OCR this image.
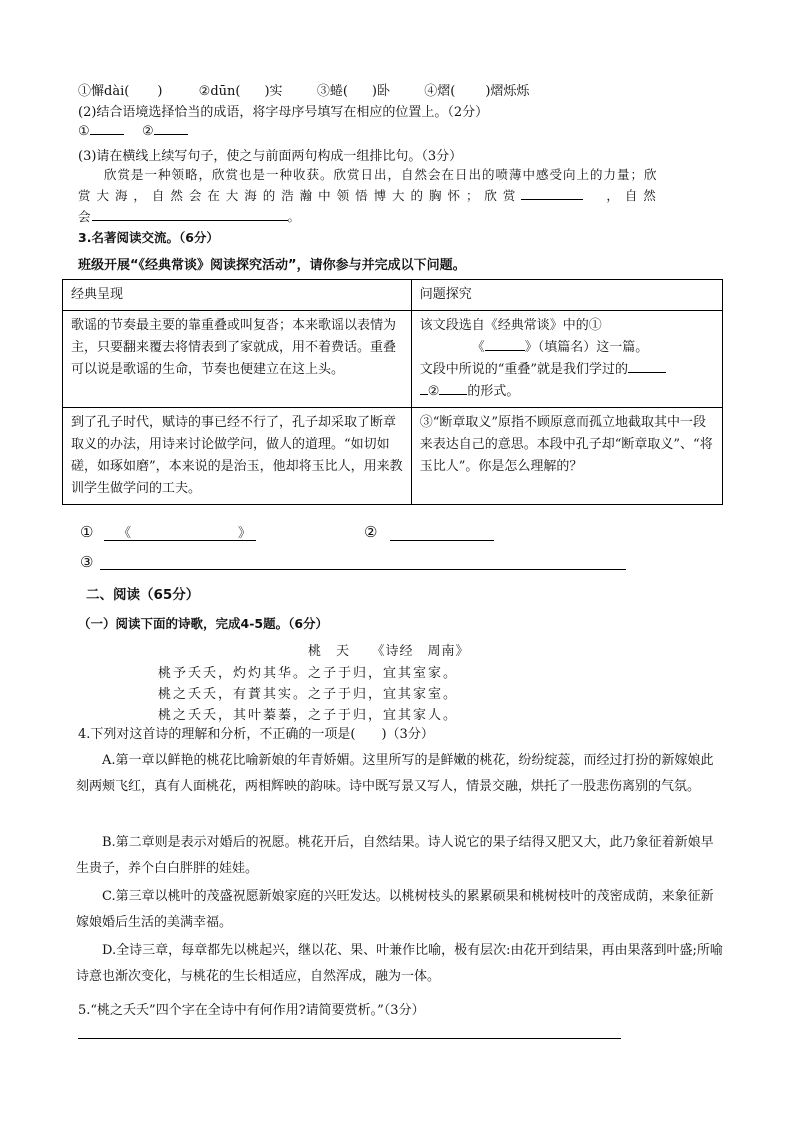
①懈dài( )	②dūn( )实	③蜷( )卧	④熠( )熠烁烁
(2)结合语境选择恰当的成语，将字母序号填写在相应的位置上。（2分）
①	②
(3)请在横线上续写句子，使之与前面两句构成一组排比句。（3分）
欣赏是一种领略，欣赏也是一种收获。欣赏日出，自然会在日出的喷薄中感受向上的力量；欣
赏 大 海 ， 自 然 会 在 大 海 的 浩 瀚 中 领 悟 博 大 的 胸 怀 ； 欣 赏	， 自 然
会	。
3.名著阅读交流。（6分）
班级开展“《经典常谈》阅读探究活动”，请你参与并完成以下问题。
经典呈现	问题探究
歌谣的节奏最主要的靠重叠或叫复沓；本来歌谣以表情为主，只要翻来覆去将情表到了家就成，用不着费话。重叠可以说是歌谣的生命，节奏也便建立在这上头。	该文段选自《经典常谈》中的①
《 》（填篇名）这一篇。
文段中所说的“重叠”就是我们学过的
② 的形式。
到了孔子时代，赋诗的事已经不行了，孔子却采取了断章取义的办法，用诗来讨论做学问，做人的道理。“如切如磋，如琢如磨”，本来说的是治玉，他却将玉比人，用来教训学生做学问的工夫。	③“断章取义”原指不顾原意而孤立地截取其中一段来表达自己的意思。本段中孔子却“断章取义”、“将玉比人”。你是怎么理解的？
① 《	》	②
③
二、阅读（65分）
（一）阅读下面的诗歌，完成4-5题。（6分）
桃　天　　《诗经　周南》
桃予夭夭，灼灼其华。之子于归，宜其室家。
桃之夭夭，有蕡其实。之子于归，宜其家室。
桃之夭夭，其叶蓁蓁，之子于归，宜其家人。
4.下列对这首诗的理解和分析，不正确的一项是(　　)（3分）
A.第一章以鲜艳的桃花比喻新娘的年青娇媚。这里所写的是鲜嫩的桃花，纷纷绽蕊，而经过打扮的新嫁娘此刻两颊飞红，真有人面桃花，两相辉映的韵味。诗中既写景又写人，情景交融，烘托了一股悲伤离别的气氛。
B.第二章则是表示对婚后的祝愿。桃花开后，自然结果。诗人说它的果子结得又肥又大，此乃象征着新娘早生贵子，养个白白胖胖的娃娃。
C.第三章以桃叶的茂盛祝愿新娘家庭的兴旺发达。以桃树枝头的累累硕果和桃树枝叶的茂密成荫，来象征新嫁娘婚后生活的美满幸福。
D.全诗三章，每章都先以桃起兴，继以花、果、叶兼作比喻，极有层次:由花开到结果，再由果落到叶盛;所喻诗意也渐次变化，与桃花的生长相适应，自然浑成，融为一体。
5.“桃之夭夭”四个字在全诗中有何作用?请简要赏析。”（3分）
